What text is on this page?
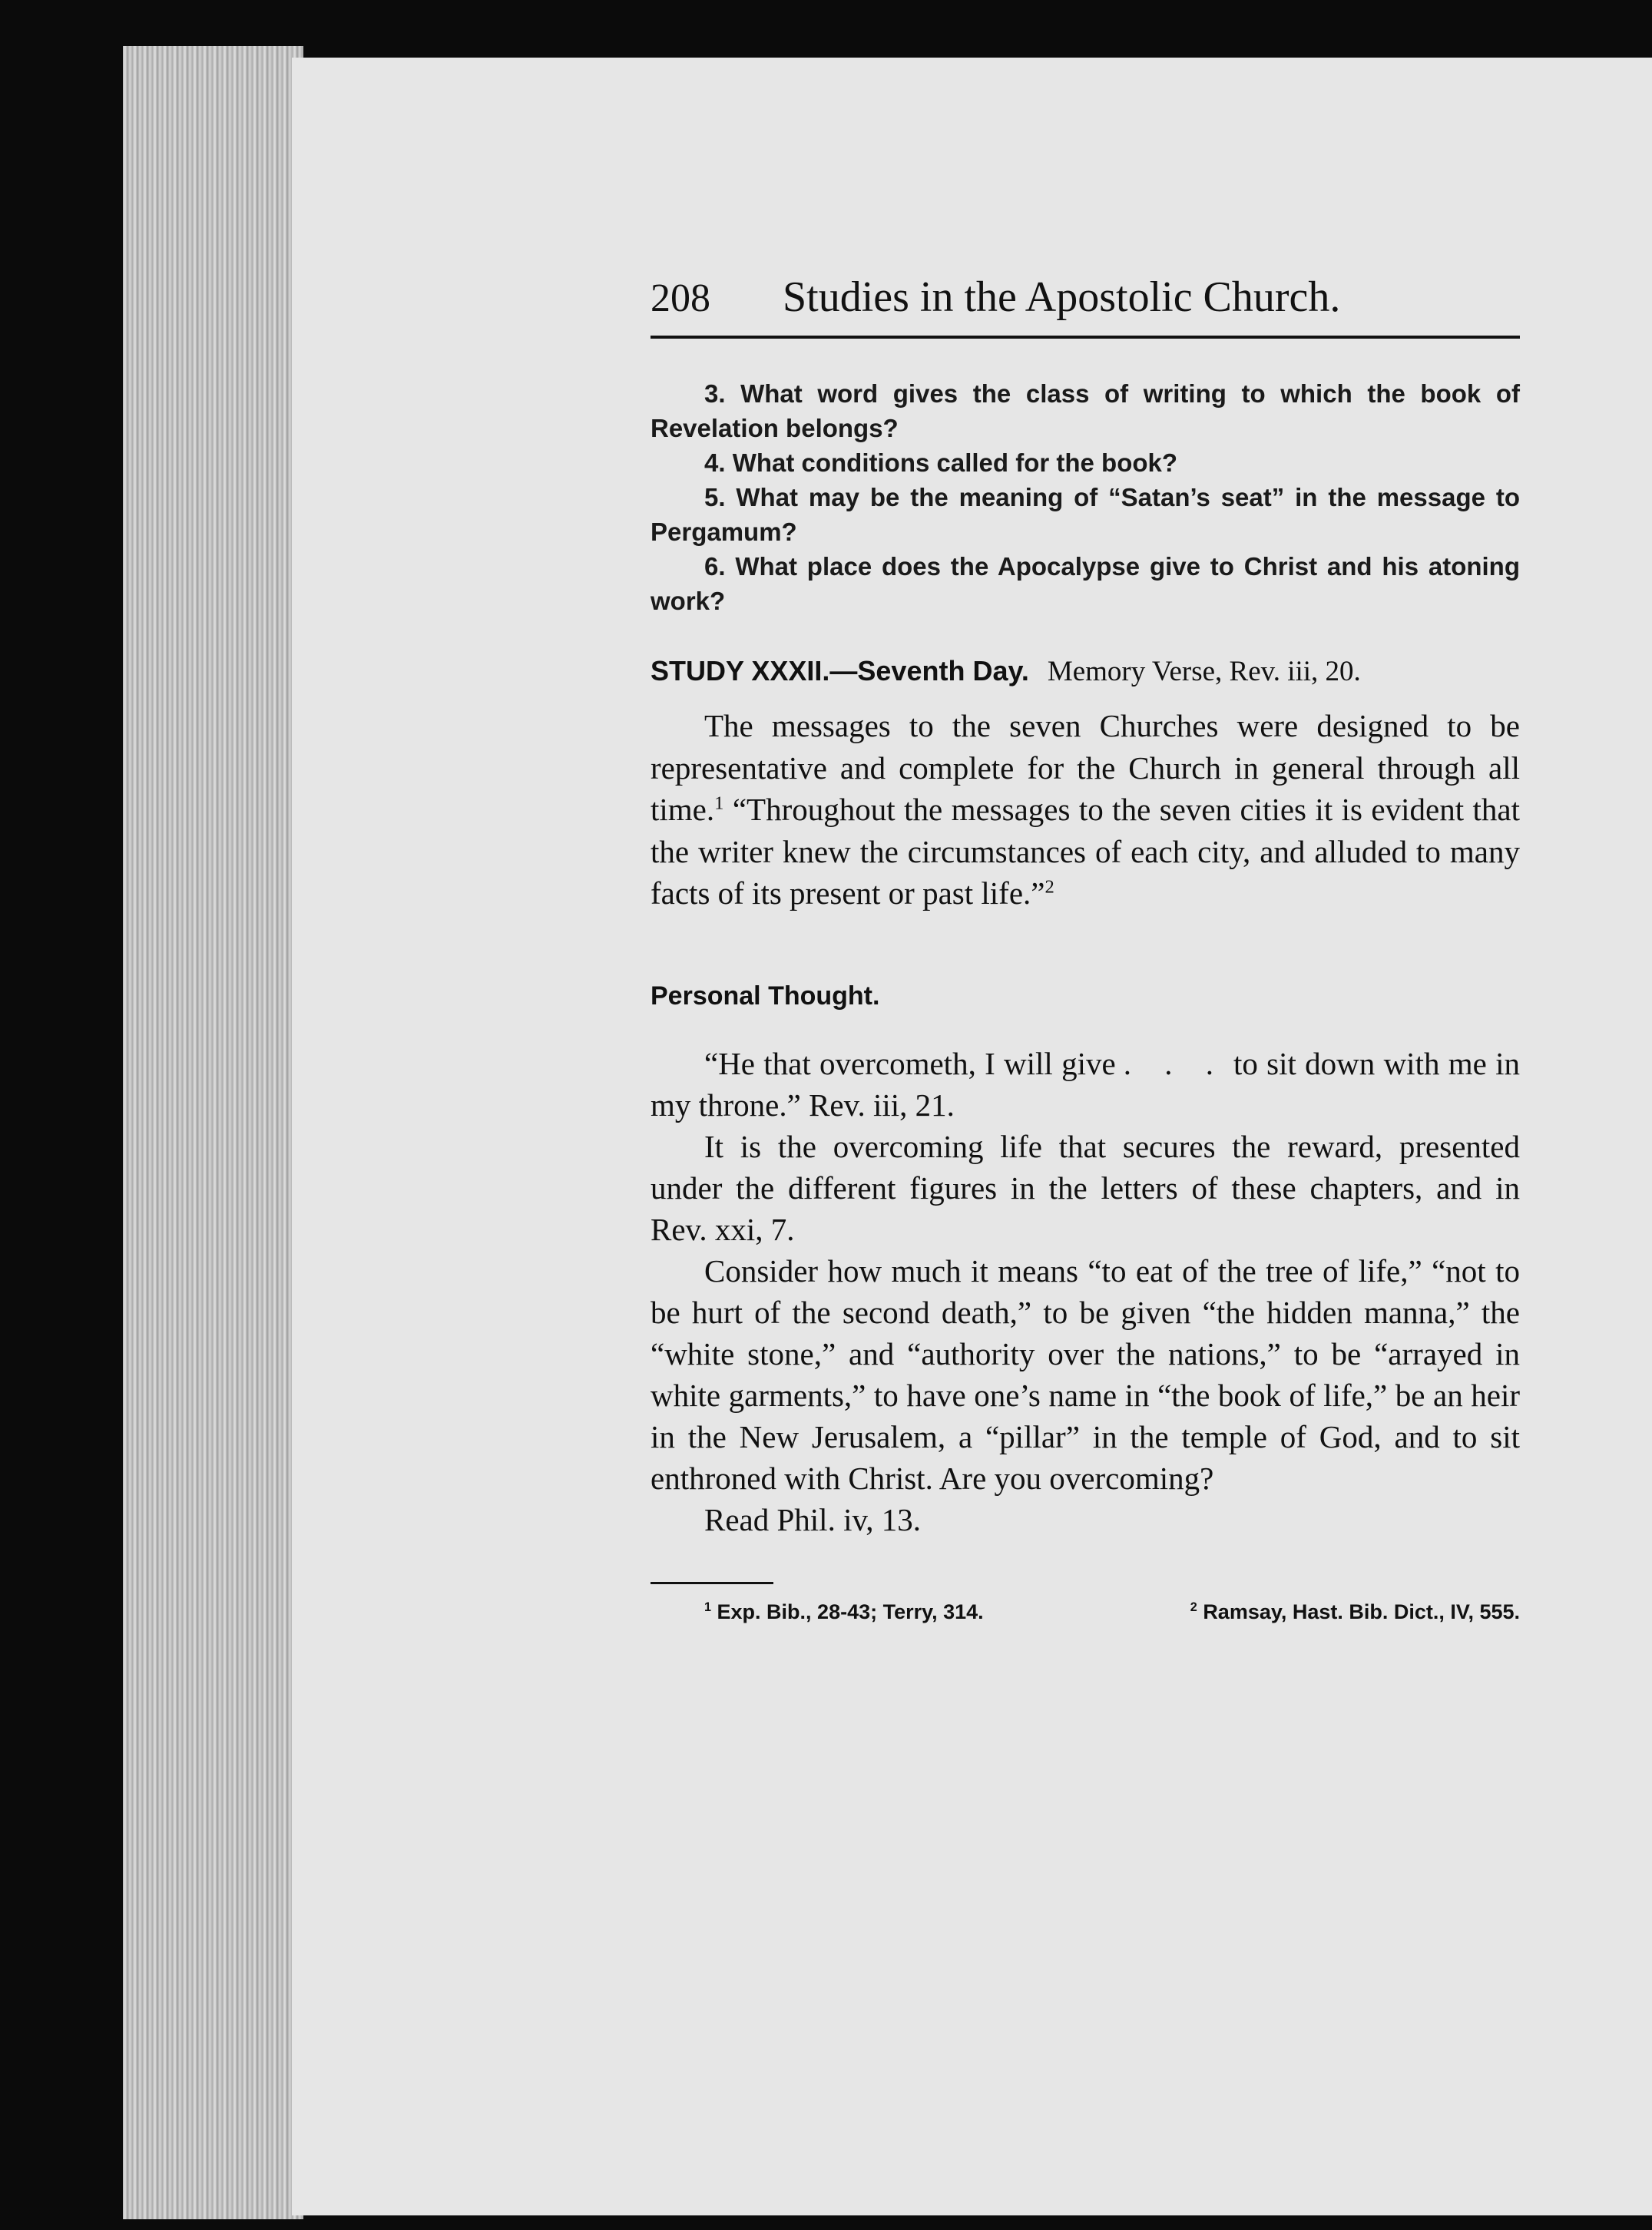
208 Studies in the Apostolic Church.

3. What word gives the class of writing to which the book of Revelation belongs?

4. What conditions called for the book?

5. What may be the meaning of “Satan’s seat” in the message to Pergamum?

6. What place does the Apocalypse give to Christ and his atoning work?

STUDY XXXII.—Seventh Day. Memory Verse, Rev. iii, 20.

The messages to the seven Churches were designed to be representative and complete for the Church in general through all time.$^1$ “Throughout the messages to the seven cities it is evident that the writer knew the circumstances of each city, and alluded to many facts of its present or past life.”$^2$

Personal Thought.

“He that overcometh, I will give . . . to sit down with me in my throne.” Rev. iii, 21.

It is the overcoming life that secures the reward, presented under the different figures in the letters of these chapters, and in Rev. xxi, 7.

Consider how much it means “to eat of the tree of life,” “not to be hurt of the second death,” to be given “the hidden manna,” the “white stone,” and “authority over the nations,” to be “arrayed in white garments,” to have one’s name in “the book of life,” be an heir in the New Jerusalem, a “pillar” in the temple of God, and to sit enthroned with Christ. Are you overcoming?

Read Phil. iv, 13.

$^1$ Exp. Bib., 28-43; Terry, 314.	$^2$ Ramsay, Hast. Bib. Dict., IV, 555.
